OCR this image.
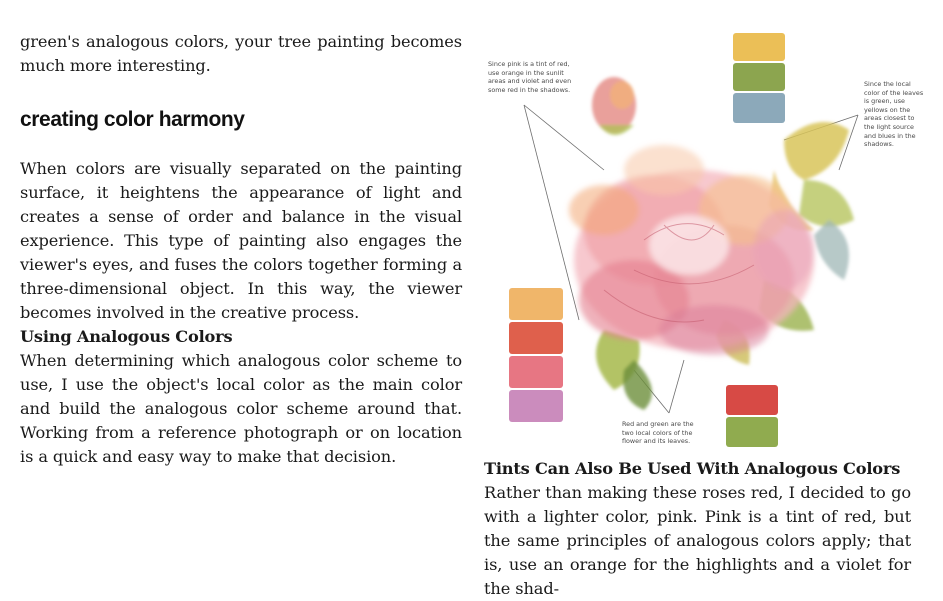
green's analogous colors, your tree painting becomes much more interesting.

creating color harmony

When colors are visually separated on the painting surface, it heightens the appearance of light and creates a sense of order and balance in the visual experience. This type of painting also engages the viewer's eyes, and fuses the colors together forming a three-dimensional object. In this way, the viewer becomes involved in the creative process.

Using Analogous Colors

When determining which analogous color scheme to use, I use the object's local color as the main color and build the analogous color scheme around that. Working from a reference photograph or on location is a quick and easy way to make that decision.

Since pink is a tint of red, use orange in the sunlit areas and violet and even some red in the shadows.
Since the local color of the leaves is green, use yellows on the areas closest to the light source and blues in the shadows.
Red and green are the two local colors of the flower and its leaves.
Tints Can Also Be Used With Analogous Colors

Rather than making these roses red, I decided to go with a lighter color, pink. Pink is a tint of red, but the same principles of analogous colors apply; that is, use an orange for the highlights and a violet for the shad-
